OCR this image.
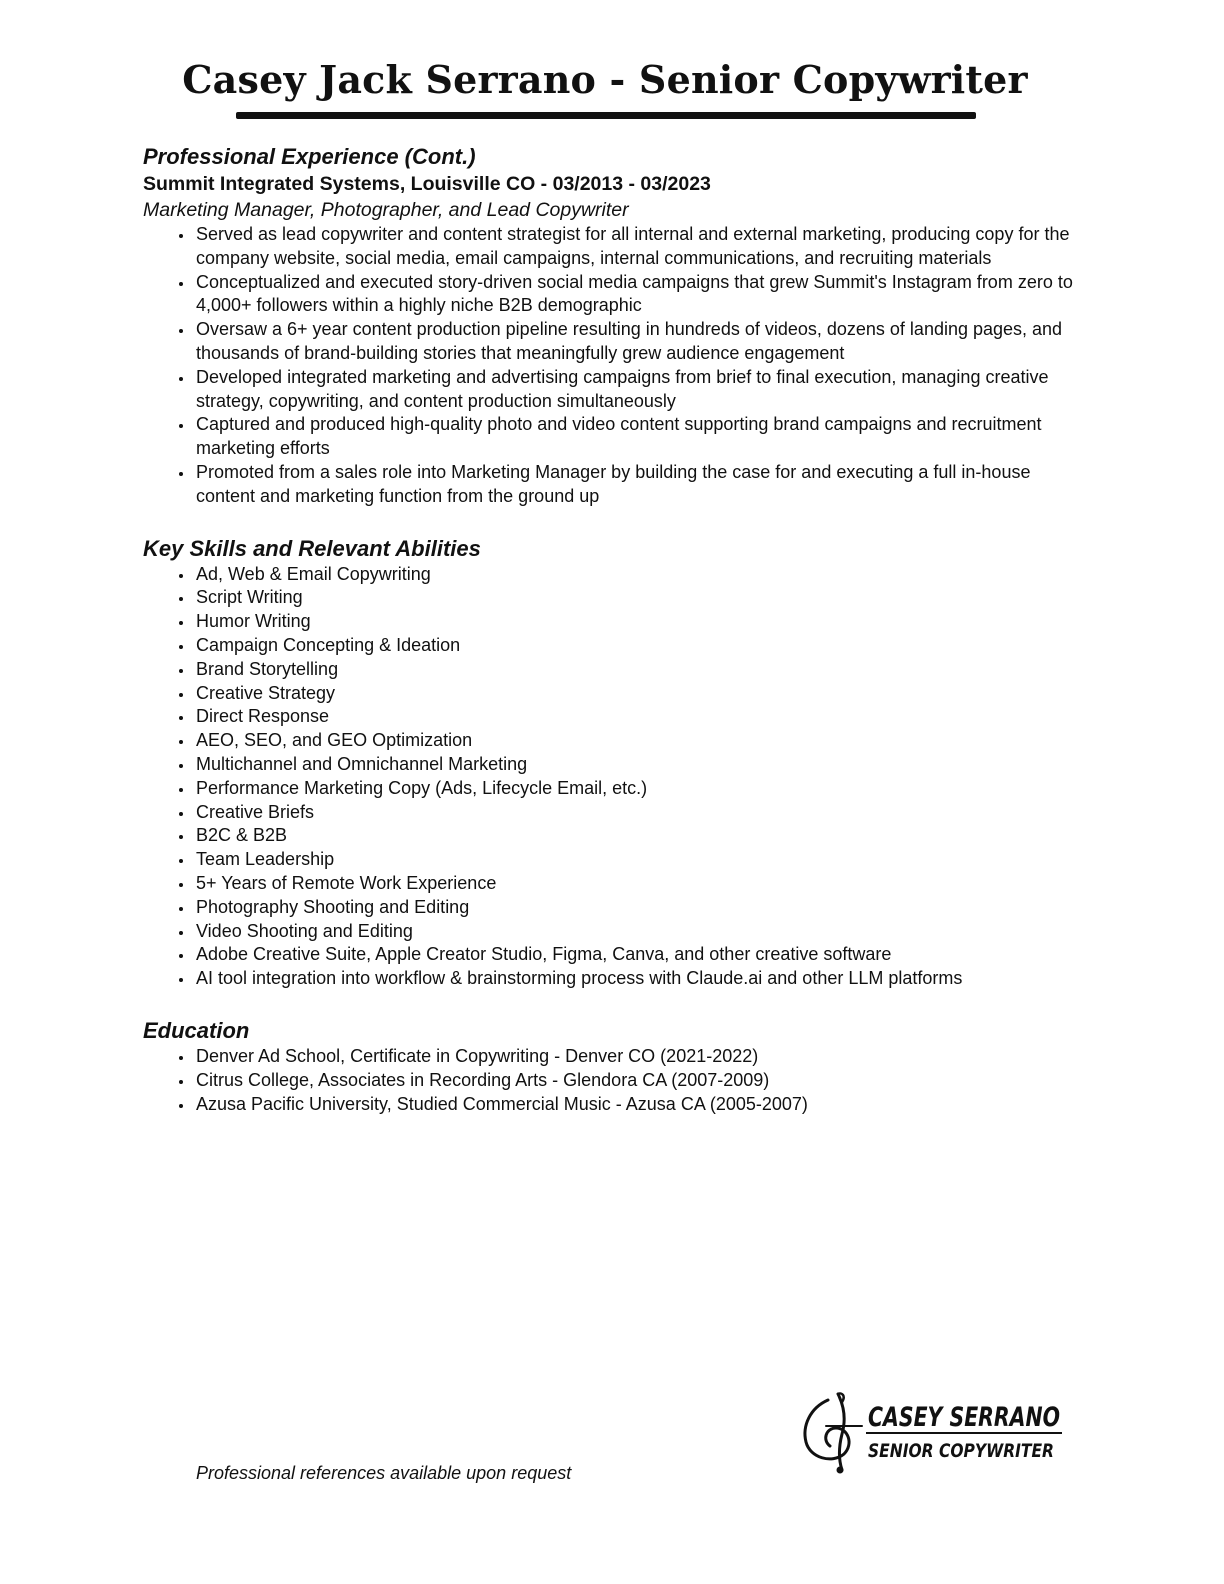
Casey Jack Serrano - Senior Copywriter
Professional Experience (Cont.)

Summit Integrated Systems, Louisville CO - 03/2013 - 03/2023

Marketing Manager, Photographer, and Lead Copywriter

Served as lead copywriter and content strategist for all internal and external marketing, producing copy for the company website, social media, email campaigns, internal communications, and recruiting materials
Conceptualized and executed story-driven social media campaigns that grew Summit's Instagram from zero to 4,000+ followers within a highly niche B2B demographic
Oversaw a 6+ year content production pipeline resulting in hundreds of videos, dozens of landing pages, and thousands of brand-building stories that meaningfully grew audience engagement
Developed integrated marketing and advertising campaigns from brief to final execution, managing creative strategy, copywriting, and content production simultaneously
Captured and produced high-quality photo and video content supporting brand campaigns and recruitment marketing efforts
Promoted from a sales role into Marketing Manager by building the case for and executing a full in-house content and marketing function from the ground up
Key Skills and Relevant Abilities
Ad, Web & Email Copywriting
Script Writing
Humor Writing
Campaign Concepting & Ideation
Brand Storytelling
Creative Strategy
Direct Response
AEO, SEO, and GEO Optimization
Multichannel and Omnichannel Marketing
Performance Marketing Copy (Ads, Lifecycle Email, etc.)
Creative Briefs
B2C & B2B
Team Leadership
5+ Years of Remote Work Experience
Photography Shooting and Editing
Video Shooting and Editing
Adobe Creative Suite, Apple Creator Studio, Figma, Canva, and other creative software
AI tool integration into workflow & brainstorming process with Claude.ai and other LLM platforms
Education
Denver Ad School, Certificate in Copywriting - Denver CO (2021-2022)
Citrus College, Associates in Recording Arts - Glendora CA (2007-2009)
Azusa Pacific University, Studied Commercial Music - Azusa CA (2005-2007)

Professional references available upon request

CASEY SERRANO
SENIOR COPYWRITER
